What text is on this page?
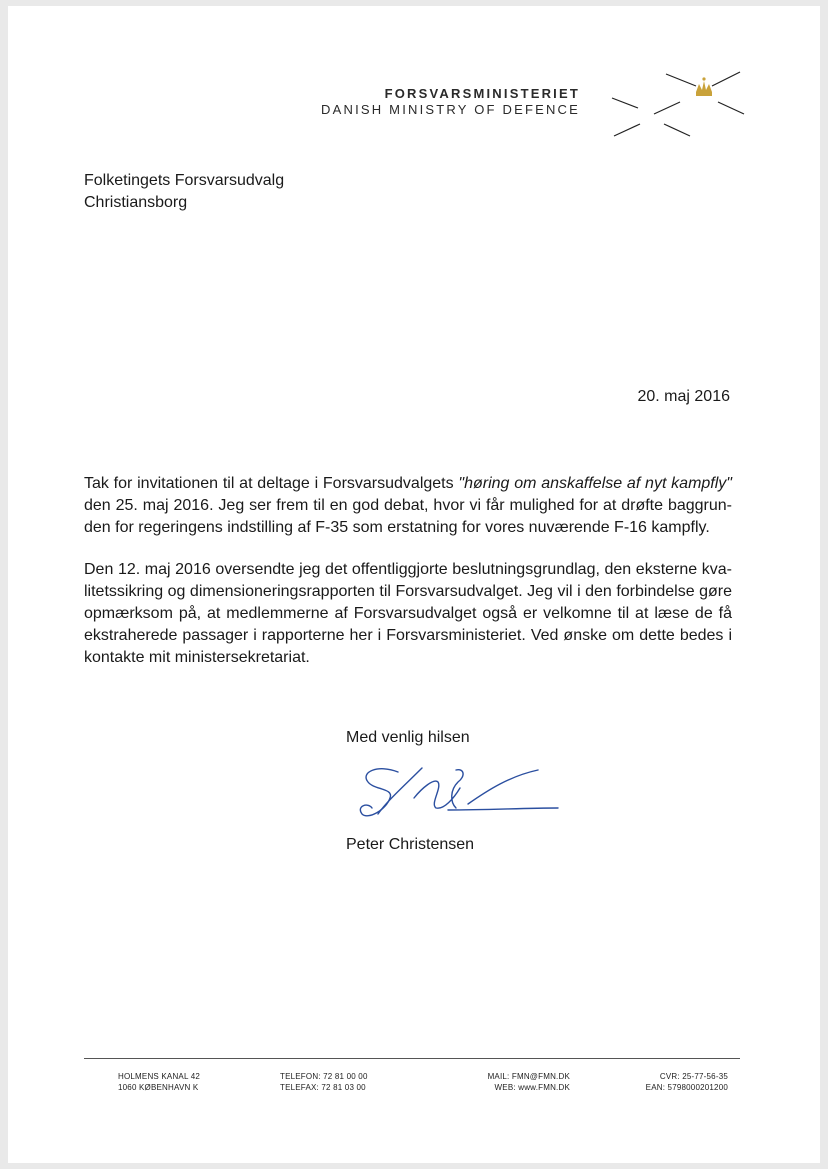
FORSVARSMINISTERIET
DANISH MINISTRY OF DEFENCE
Folketingets Forsvarsudvalg
Christiansborg
20. maj 2016
Tak for invitationen til at deltage i Forsvarsudvalgets "høring om anskaffelse af nyt kampfly" den 25. maj 2016. Jeg ser frem til en god debat, hvor vi får mulighed for at drøfte baggrun-den for regeringens indstilling af F-35 som erstatning for vores nuværende F-16 kampfly.
Den 12. maj 2016 oversendte jeg det offentliggjorte beslutningsgrundlag, den eksterne kva-litetssikring og dimensioneringsrapporten til Forsvarsudvalget. Jeg vil i den forbindelse gøre opmærksom på, at medlemmerne af Forsvarsudvalget også er velkomne til at læse de få ekstraherede passager i rapporterne her i Forsvarsministeriet. Ved ønske om dette bedes i kontakte mit ministersekretariat.
Med venlig hilsen
Peter Christensen
HOLMENS KANAL 42
1060 KØBENHAVN K
TELEFON: 72 81 00 00
TELEFAX: 72 81 03 00
MAIL: FMN@FMN.DK
WEB: www.FMN.DK
CVR: 25-77-56-35
EAN: 5798000201200
